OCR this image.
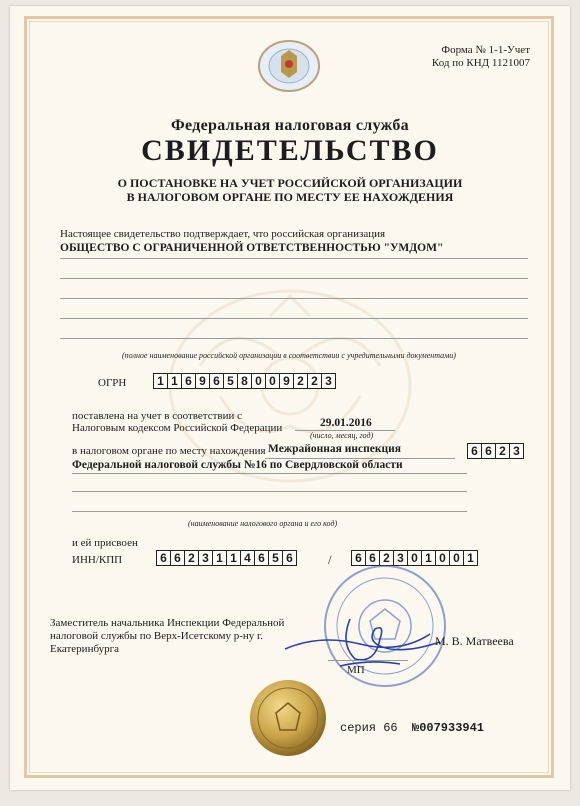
Форма № 1-1-Учет
Код по КНД 1121007
Федеральная налоговая служба
СВИДЕТЕЛЬСТВО
О ПОСТАНОВКЕ НА УЧЕТ РОССИЙСКОЙ ОРГАНИЗАЦИИ
В НАЛОГОВОМ ОРГАНЕ ПО МЕСТУ ЕЕ НАХОЖДЕНИЯ
Настоящее свидетельство подтверждает, что российская организация
ОБЩЕСТВО С ОГРАНИЧЕННОЙ ОТВЕТСТВЕННОСТЬЮ "УМДОМ"
(полное наименование российской организации в соответствии с учредительными документами)
ОГРН	1 1 6 9 6 5 8 0 0 9 2 2 3
поставлена на учет в соответствии с
Налоговым кодексом Российской Федерации	29.01.2016
(число, месяц, год)
в налоговом органе по месту нахождения Межрайонная инспекция
Федеральной налоговой службы №16 по Свердловской области
6 6 2 3
(наименование налогового органа и его код)
и ей присвоен
ИНН/КПП	6 6 2 3 1 1 4 6 5 6	/	6 6 2 3 0 1 0 0 1
Заместитель начальника Инспекции Федеральной
налоговой службы по Верх-Исетскому р-ну г.
Екатеринбурга
МП
М. В. Матвеева
серия 66 №007933941
